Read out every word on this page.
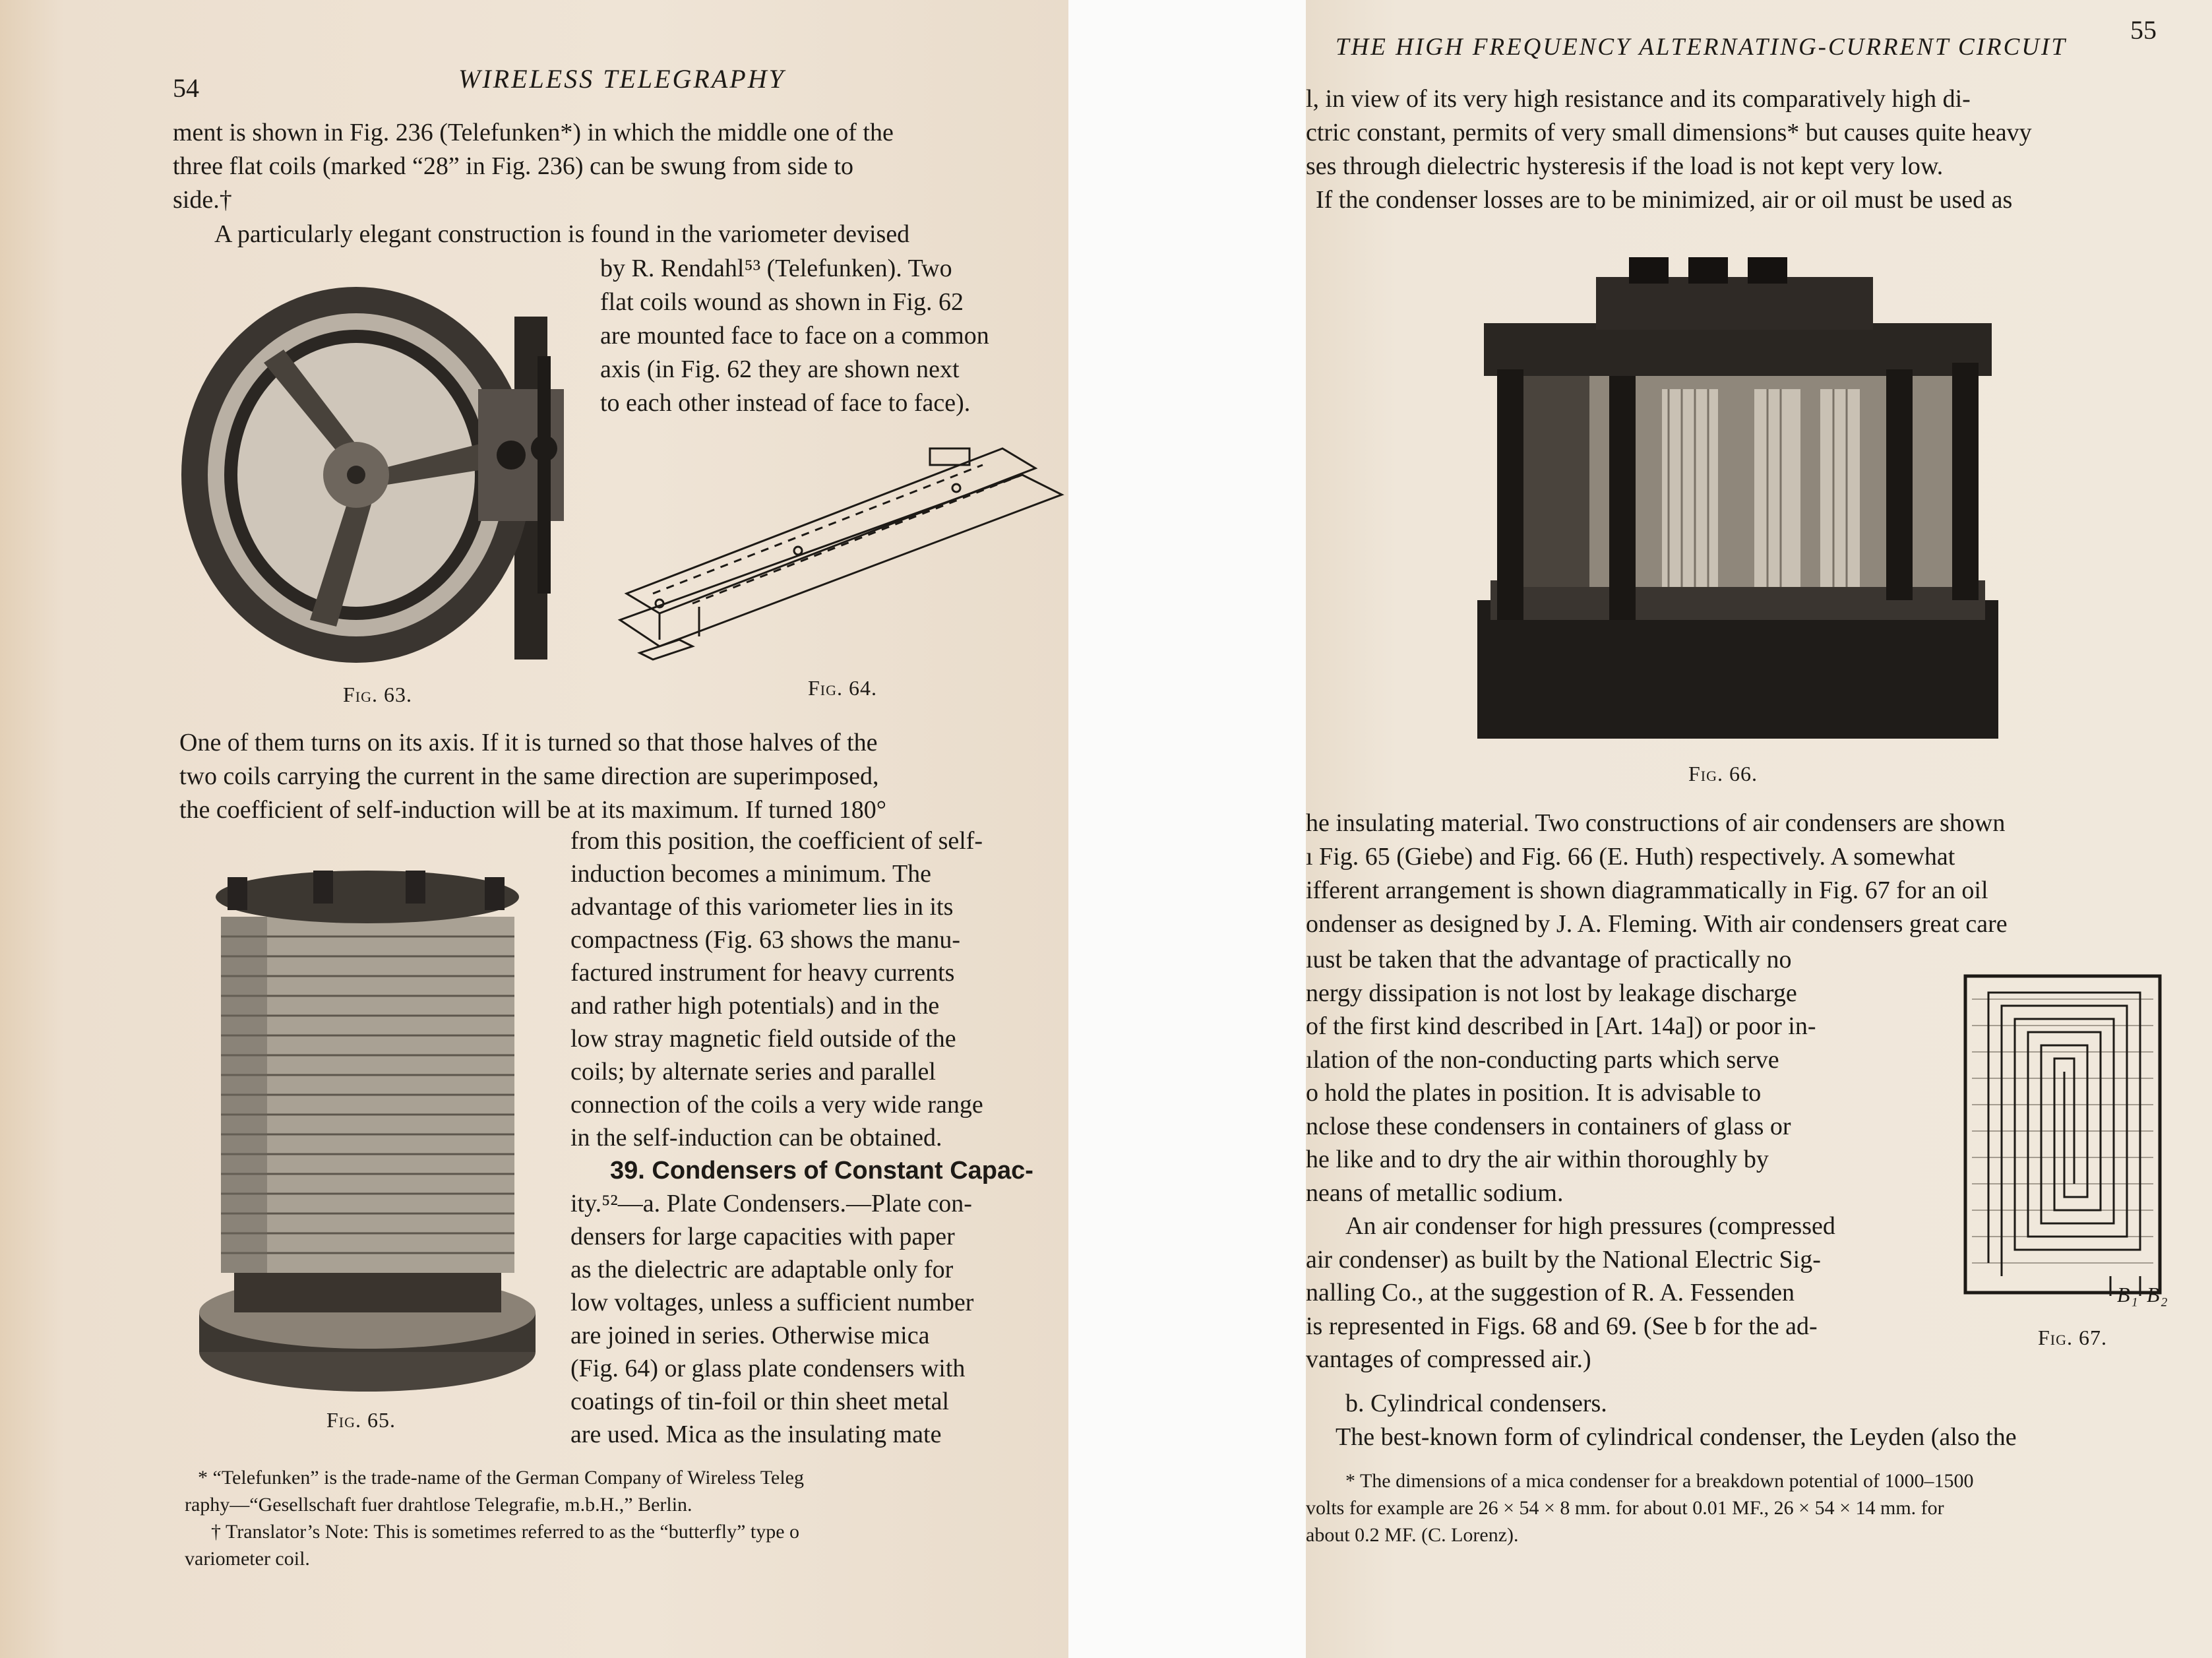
54	WIRELESS TELEGRAPHY

ment is shown in Fig. 236 (Telefunken*) in which the middle one of the

three flat coils (marked “28” in Fig. 236) can be swung from side to

side.†

A particularly elegant construction is found in the variometer devised

by R. Rendahl⁵³ (Telefunken). Two

flat coils wound as shown in Fig. 62

are mounted face to face on a common

axis (in Fig. 62 they are shown next

to each other instead of face to face).

Fig. 63.	Fig. 64.

One of them turns on its axis. If it is turned so that those halves of the

two coils carrying the current in the same direction are superimposed,

the coefficient of self-induction will be at its maximum. If turned 180°

from this position, the coefficient of self-

induction becomes a minimum. The

advantage of this variometer lies in its

compactness (Fig. 63 shows the manu-

factured instrument for heavy currents

and rather high potentials) and in the

low stray magnetic field outside of the

coils; by alternate series and parallel

connection of the coils a very wide range

in the self-induction can be obtained.

39. Condensers of Constant Capac-

ity.⁵²—a. Plate Condensers.—Plate con-

densers for large capacities with paper

as the dielectric are adaptable only for

low voltages, unless a sufficient number

are joined in series. Otherwise mica

(Fig. 64) or glass plate condensers with

coatings of tin-foil or thin sheet metal

are used. Mica as the insulating mate

Fig. 65.

* “Telefunken” is the trade-name of the German Company of Wireless Teleg

raphy—“Gesellschaft fuer drahtlose Telegrafie, m.b.H.,” Berlin.

† Translator’s Note: This is sometimes referred to as the “butterfly” type o

variometer coil.

THE HIGH FREQUENCY ALTERNATING-CURRENT CIRCUIT
55

l, in view of its very high resistance and its comparatively high di-

ctric constant, permits of very small dimensions* but causes quite heavy

ses through dielectric hysteresis if the load is not kept very low.

If the condenser losses are to be minimized, air or oil must be used as

Fig. 66.

he insulating material. Two constructions of air condensers are shown

ı Fig. 65 (Giebe) and Fig. 66 (E. Huth) respectively. A somewhat

ifferent arrangement is shown diagrammatically in Fig. 67 for an oil

ondenser as designed by J. A. Fleming. With air condensers great care

ıust be taken that the advantage of practically no

nergy dissipation is not lost by leakage discharge

of the first kind described in [Art. 14a]) or poor in-

ılation of the non-conducting parts which serve

o hold the plates in position. It is advisable to

nclose these condensers in containers of glass or

he like and to dry the air within thoroughly by

neans of metallic sodium.

An air condenser for high pressures (compressed

air condenser) as built by the National Electric Sig-

nalling Co., at the suggestion of R. A. Fessenden

is represented in Figs. 68 and 69. (See b for the ad-

vantages of compressed air.)

B₁ B₂
Fig. 67.

b. Cylindrical condensers.

The best-known form of cylindrical condenser, the Leyden (also the

* The dimensions of a mica condenser for a breakdown potential of 1000–1500

volts for example are 26 × 54 × 8 mm. for about 0.01 MF., 26 × 54 × 14 mm. for

about 0.2 MF. (C. Lorenz).
